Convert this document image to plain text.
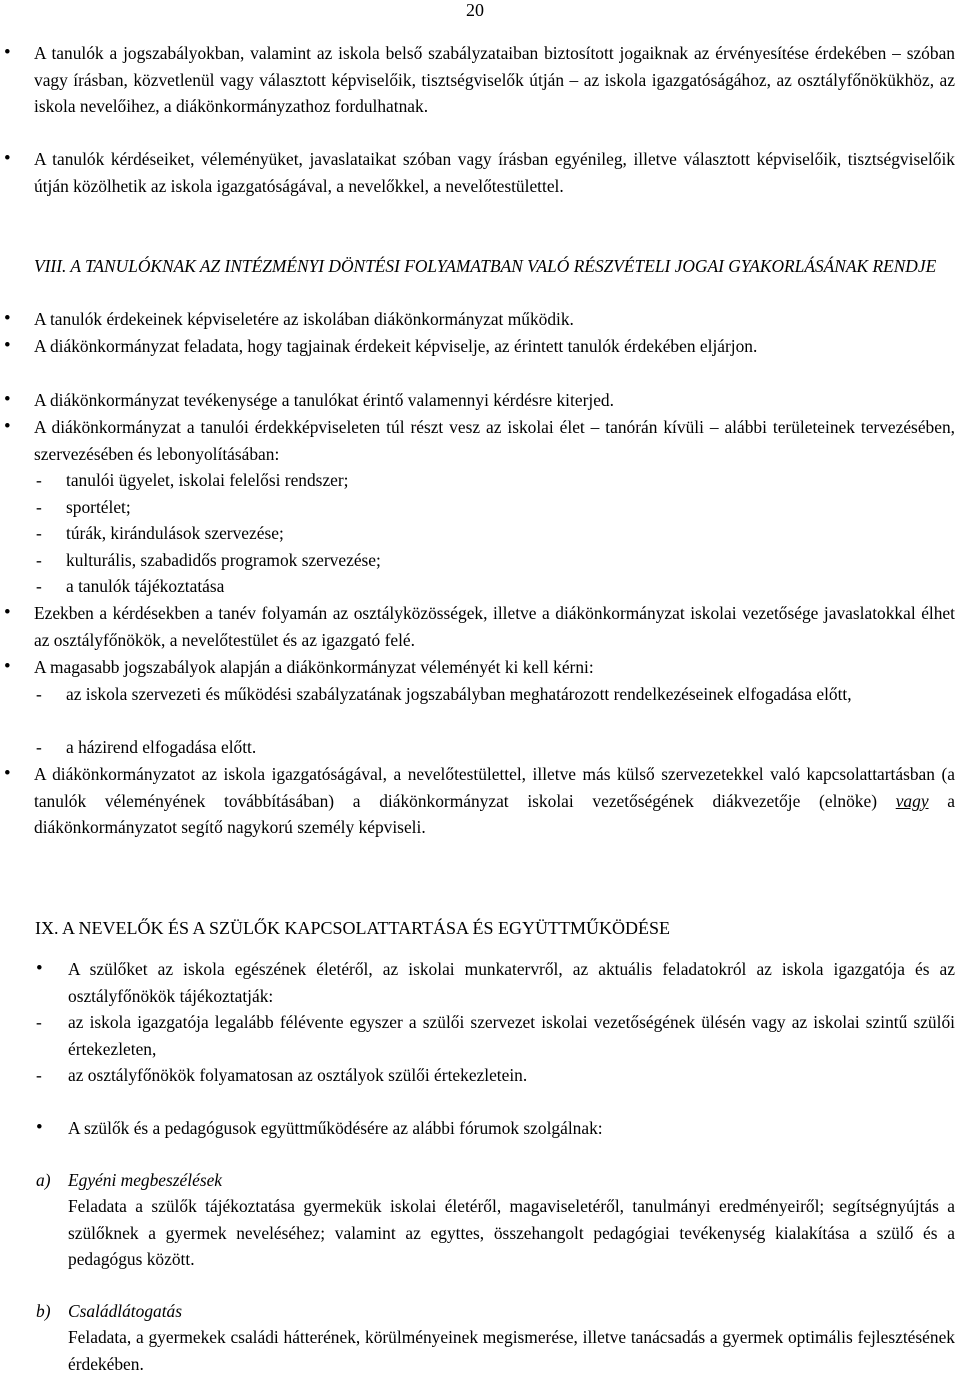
20
• A tanulók a jogszabályokban, valamint az iskola belső szabályzataiban biztosított jogaiknak az érvényesítése érdekében – szóban vagy írásban, közvetlenül vagy választott képviselőik, tisztségviselők útján – az iskola igazgatóságához, az osztályfőnökükhöz, az iskola nevelőihez, a diákönkormányzathoz fordulhatnak.
• A tanulók kérdéseiket, véleményüket, javaslataikat szóban vagy írásban egyénileg, illetve választott képviselőik, tisztségviselőik útján közölhetik az iskola igazgatóságával, a nevelőkkel, a nevelőtestülettel.
VIII. A TANULÓKNAK AZ INTÉZMÉNYI DÖNTÉSI FOLYAMATBAN VALÓ RÉSZVÉTELI JOGAI GYAKORLÁSÁNAK RENDJE
• A tanulók érdekeinek képviseletére az iskolában diákönkormányzat működik.
• A diákönkormányzat feladata, hogy tagjainak érdekeit képviselje, az érintett tanulók érdekében eljárjon.
• A diákönkormányzat tevékenysége a tanulókat érintő valamennyi kérdésre kiterjed.
• A diákönkormányzat a tanulói érdekképviseleten túl részt vesz az iskolai élet – tanórán kívüli – alábbi területeinek tervezésében, szervezésében és lebonyolításában:
- tanulói ügyelet, iskolai felelősi rendszer;
- sportélet;
- túrák, kirándulások szervezése;
- kulturális, szabadidős programok szervezése;
- a tanulók tájékoztatása
• Ezekben a kérdésekben a tanév folyamán az osztályközösségek, illetve a diákönkormányzat iskolai vezetősége javaslatokkal élhet az osztályfőnökök, a nevelőtestület és az igazgató felé.
• A magasabb jogszabályok alapján a diákönkormányzat véleményét ki kell kérni:
- az iskola szervezeti és működési szabályzatának jogszabályban meghatározott rendelkezéseinek elfogadása előtt,
- a házirend elfogadása előtt.
• A diákönkormányzatot az iskola igazgatóságával, a nevelőtestülettel, illetve más külső szervezetekkel való kapcsolattartásban (a tanulók véleményének továbbításában) a diákönkormányzat iskolai vezetőségének diákvezetője (elnöke) vagy a diákönkormányzatot segítő nagykorú személy képviseli.
IX. A NEVELŐK ÉS A SZÜLŐK KAPCSOLATTARTÁSA ÉS EGYÜTTMŰKÖDÉSE
• A szülőket az iskola egészének életéről, az iskolai munkatervről, az aktuális feladatokról az iskola igazgatója és az osztályfőnökök tájékoztatják:
- az iskola igazgatója legalább félévente egyszer a szülői szervezet iskolai vezetőségének ülésén vagy az iskolai szintű szülői értekezleten,
- az osztályfőnökök folyamatosan az osztályok szülői értekezletein.
• A szülők és a pedagógusok együttműködésére az alábbi fórumok szolgálnak:
a) Egyéni megbeszélések
Feladata a szülők tájékoztatása gyermekük iskolai életéről, magaviseletéről, tanulmányi eredményeiről; segítségnyújtás a szülőknek a gyermek neveléséhez; valamint az egyttes, összehangolt pedagógiai tevékenység kialakítása a szülő és a pedagógus között.
b) Családlátogatás
Feladata, a gyermekek családi hátterének, körülményeinek megismerése, illetve tanácsadás a gyermek optimális fejlesztésének érdekében.
